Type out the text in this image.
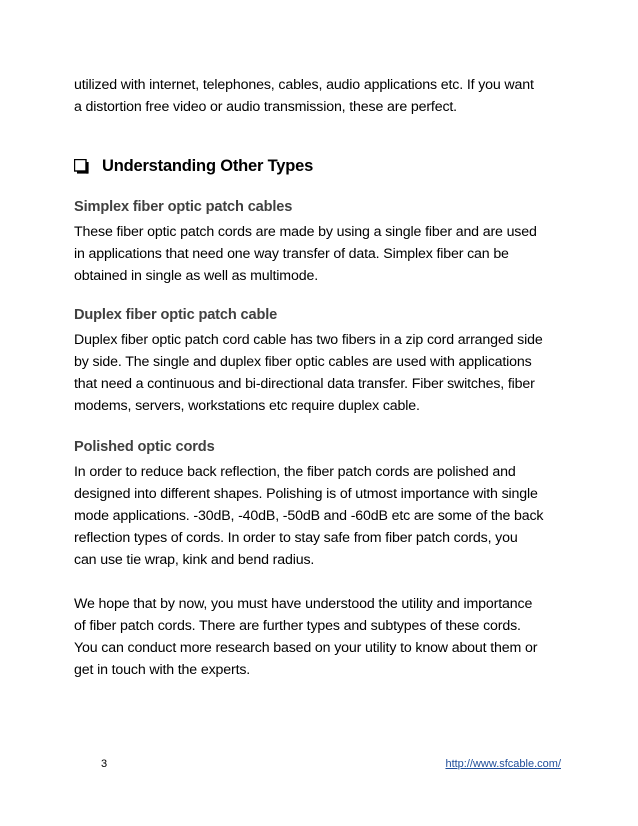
utilized with internet, telephones, cables, audio applications etc. If you want
a distortion free video or audio transmission, these are perfect.
Understanding Other Types
Simplex fiber optic patch cables
These fiber optic patch cords are made by using a single fiber and are used
in applications that need one way transfer of data. Simplex fiber can be
obtained in single as well as multimode.
Duplex fiber optic patch cable
Duplex fiber optic patch cord cable has two fibers in a zip cord arranged side
by side. The single and duplex fiber optic cables are used with applications
that need a continuous and bi-directional data transfer. Fiber switches, fiber
modems, servers, workstations etc require duplex cable.
Polished optic cords
In order to reduce back reflection, the fiber patch cords are polished and
designed into different shapes. Polishing is of utmost importance with single
mode applications. -30dB, -40dB, -50dB and -60dB etc are some of the back
reflection types of cords. In order to stay safe from fiber patch cords, you
can use tie wrap, kink and bend radius.
We hope that by now, you must have understood the utility and importance
of fiber patch cords. There are further types and subtypes of these cords.
You can conduct more research based on your utility to know about them or
get in touch with the experts.
3	http://www.sfcable.com/
